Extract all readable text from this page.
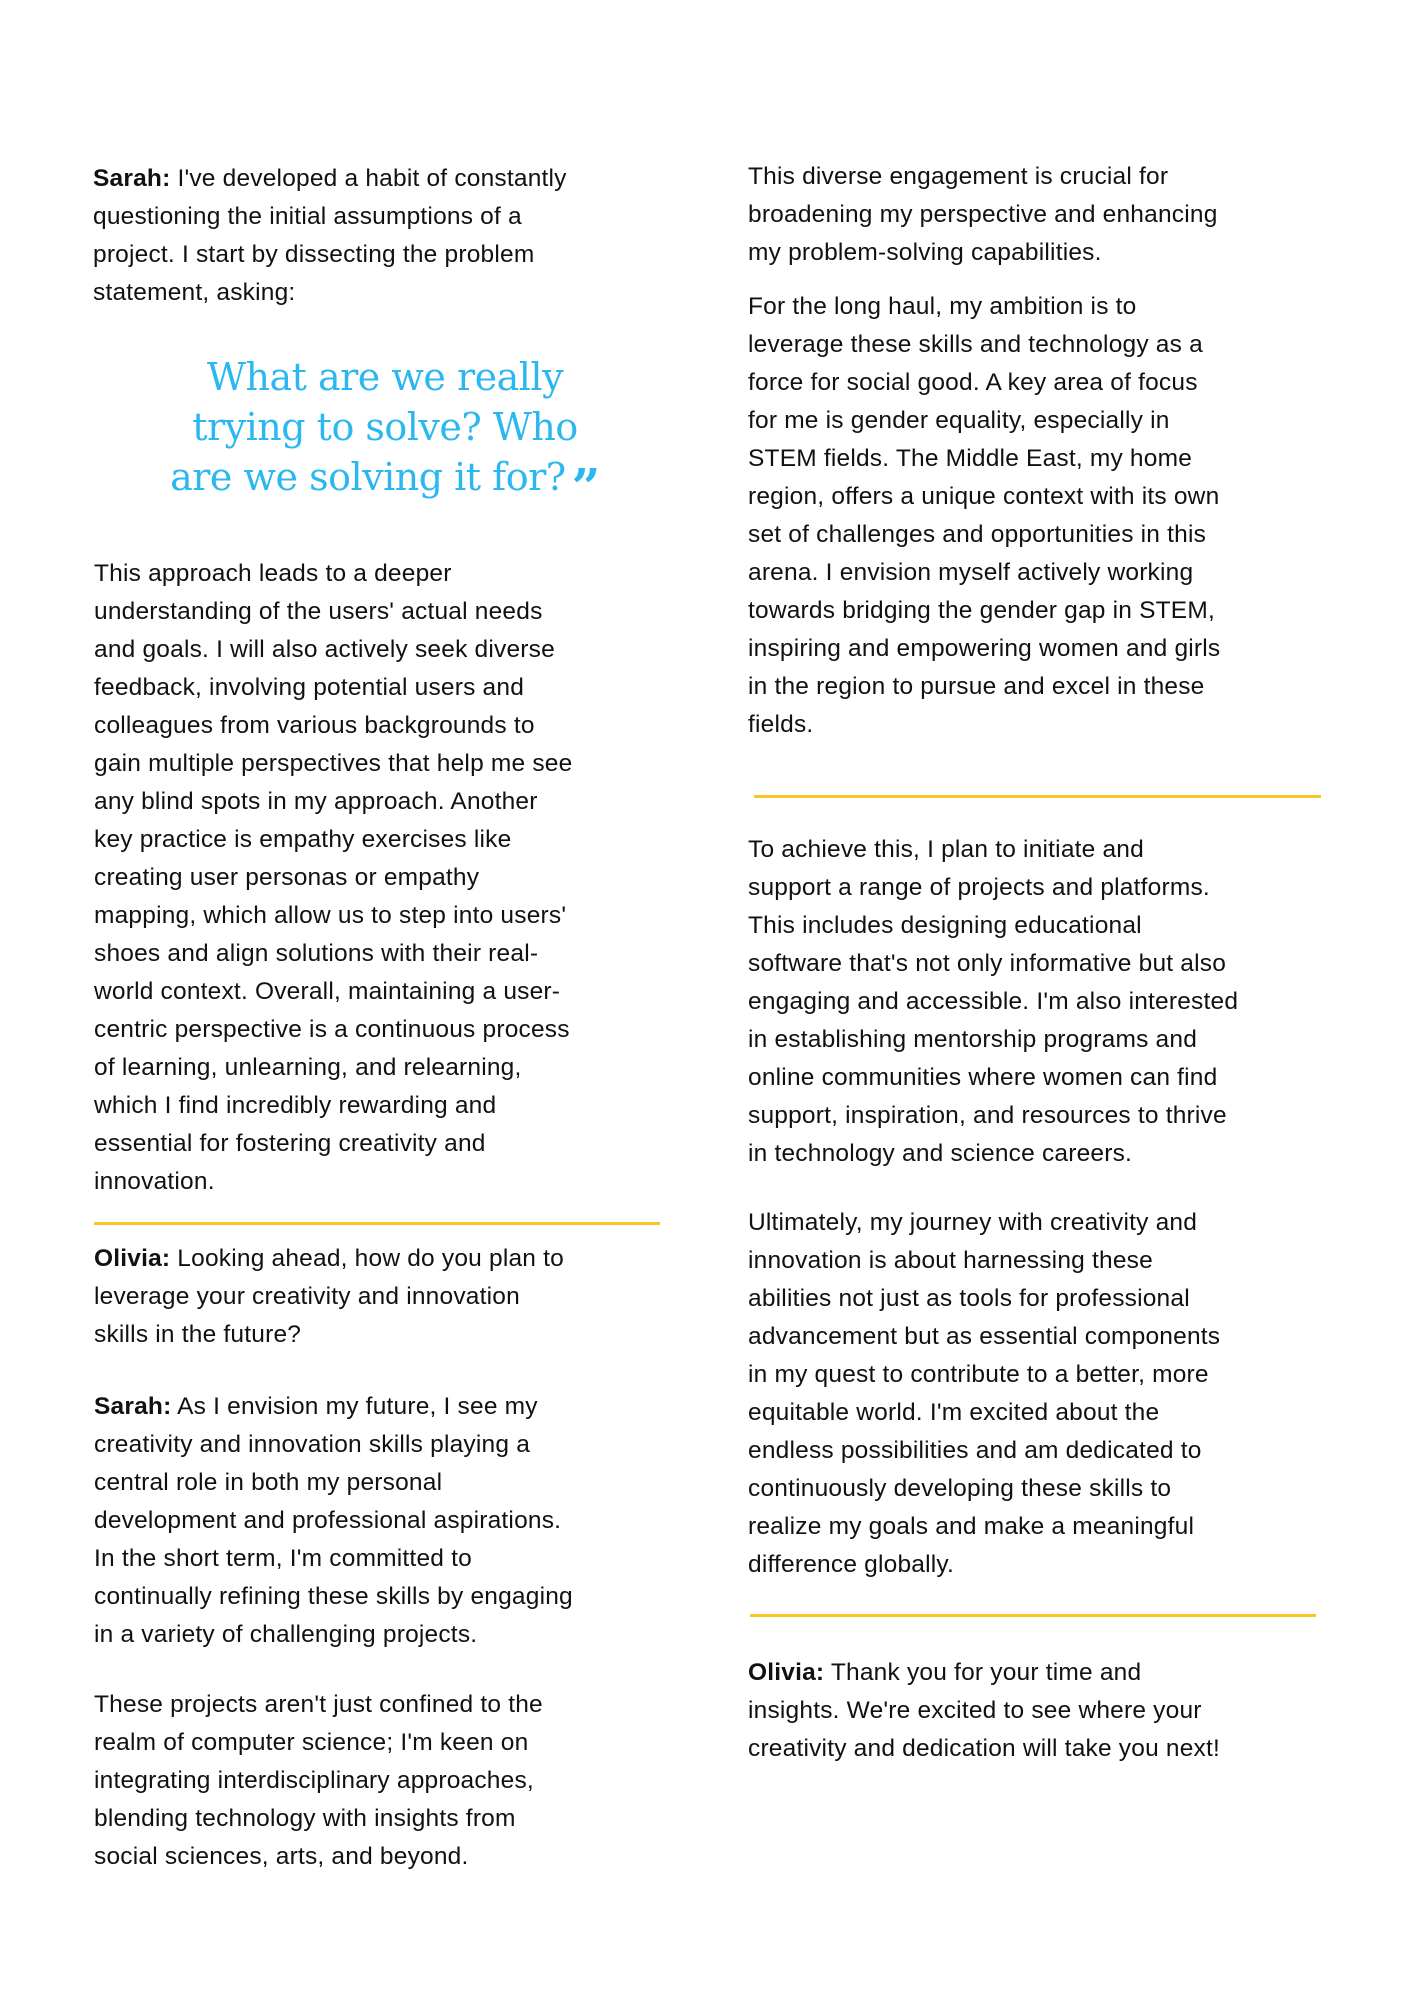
Sarah: I've developed a habit of constantly
questioning the initial assumptions of a
project. I start by dissecting the problem
statement, asking:
What are we really
trying to solve? Who
are we solving it for? ”
This approach leads to a deeper
understanding of the users' actual needs
and goals. I will also actively seek diverse
feedback, involving potential users and
colleagues from various backgrounds to
gain multiple perspectives that help me see
any blind spots in my approach. Another
key practice is empathy exercises like
creating user personas or empathy
mapping, which allow us to step into users'
shoes and align solutions with their real-
world context. Overall, maintaining a user-
centric perspective is a continuous process
of learning, unlearning, and relearning,
which I find incredibly rewarding and
essential for fostering creativity and
innovation.
Olivia: Looking ahead, how do you plan to
leverage your creativity and innovation
skills in the future?
Sarah: As I envision my future, I see my
creativity and innovation skills playing a
central role in both my personal
development and professional aspirations.
In the short term, I'm committed to
continually refining these skills by engaging
in a variety of challenging projects.
These projects aren't just confined to the
realm of computer science; I'm keen on
integrating interdisciplinary approaches,
blending technology with insights from
social sciences, arts, and beyond.
This diverse engagement is crucial for
broadening my perspective and enhancing
my problem-solving capabilities.
For the long haul, my ambition is to
leverage these skills and technology as a
force for social good. A key area of focus
for me is gender equality, especially in
STEM fields. The Middle East, my home
region, offers a unique context with its own
set of challenges and opportunities in this
arena. I envision myself actively working
towards bridging the gender gap in STEM,
inspiring and empowering women and girls
in the region to pursue and excel in these
fields.
To achieve this, I plan to initiate and
support a range of projects and platforms.
This includes designing educational
software that's not only informative but also
engaging and accessible. I'm also interested
in establishing mentorship programs and
online communities where women can find
support, inspiration, and resources to thrive
in technology and science careers.
Ultimately, my journey with creativity and
innovation is about harnessing these
abilities not just as tools for professional
advancement but as essential components
in my quest to contribute to a better, more
equitable world. I'm excited about the
endless possibilities and am dedicated to
continuously developing these skills to
realize my goals and make a meaningful
difference globally.
Olivia: Thank you for your time and
insights. We're excited to see where your
creativity and dedication will take you next!
